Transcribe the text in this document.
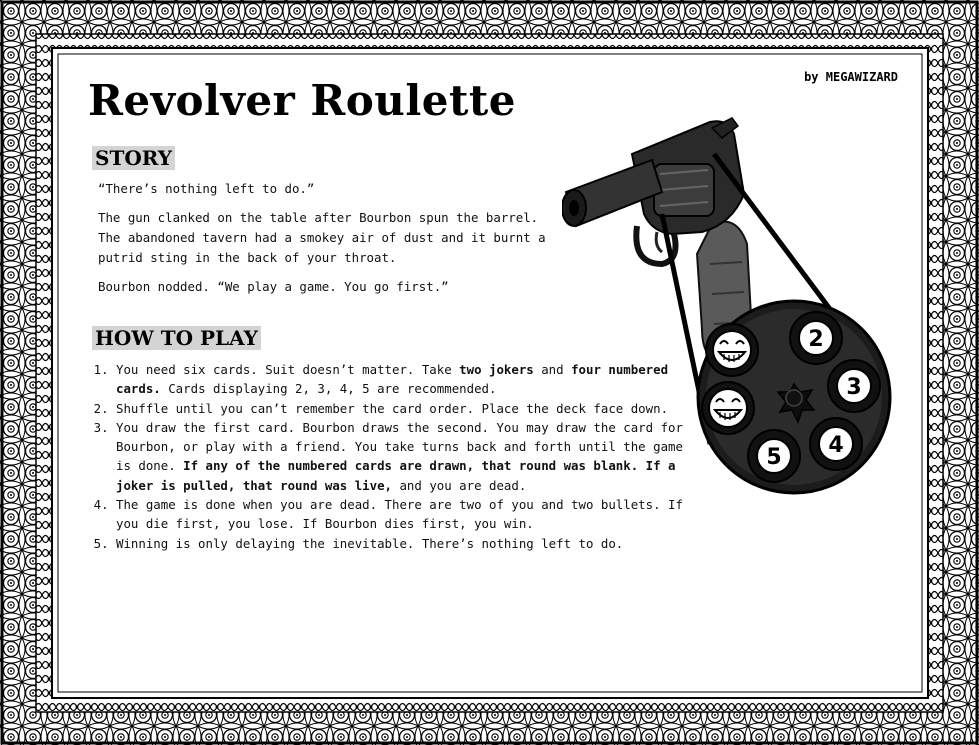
Revolver Roulette	by MEGAWIZARD
STORY

“There’s nothing left to do.”

The gun clanked on the table after Bourbon spun the barrel. The abandoned tavern had a smokey air of dust and it burnt a putrid sting in the back of your throat.

Bourbon nodded. “We play a game. You go first.”

HOW TO PLAY
1. You need six cards. Suit doesn’t matter. Take two jokers and four numbered cards. Cards displaying 2, 3, 4, 5 are recommended.
2. Shuffle until you can’t remember the card order. Place the deck face down.
3. You draw the first card. Bourbon draws the second. You may draw the card for Bourbon, or play with a friend. You take turns back and forth until the game is done. If any of the numbered cards are drawn, that round was blank. If a joker is pulled, that round was live, and you are dead.
4. The game is done when you are dead. There are two of you and two bullets. If you die first, you lose. If Bourbon dies first, you win.
5. Winning is only delaying the inevitable. There’s nothing left to do.
2
3
4
5
